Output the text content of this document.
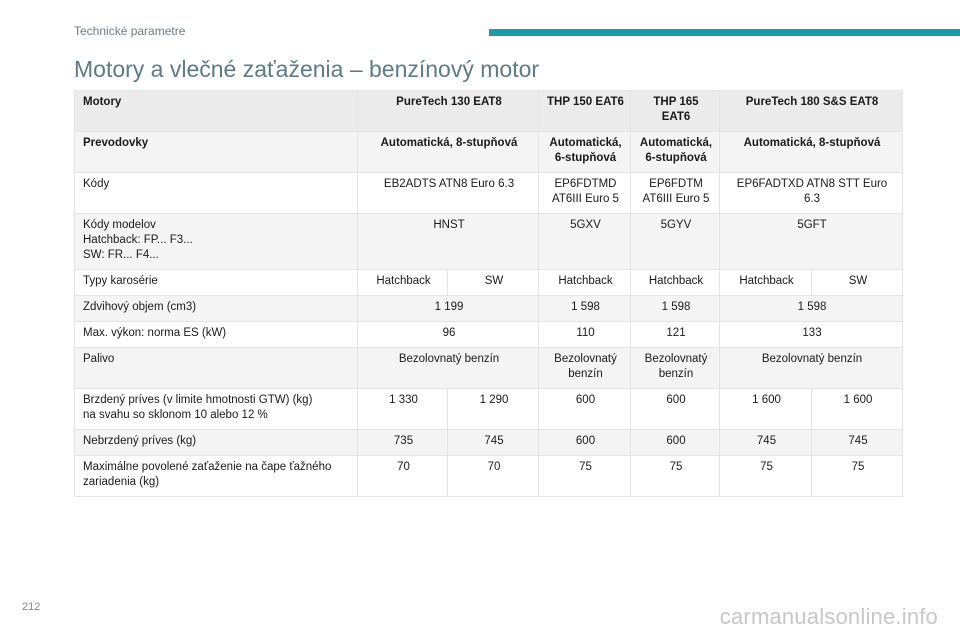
Technické parametre
Motory a vlečné zaťaženia – benzínový motor
Motory	PureTech 130 EAT8		THP 150 EAT6	THP 165 EAT6	PureTech 180 S&S EAT8	
Prevodovky	Automatická, 8-stupňová		Automatická, 6-stupňová	Automatická, 6-stupňová	Automatická, 8-stupňová	
Kódy	EB2ADTS ATN8 Euro 6.3		EP6FDTMD AT6III Euro 5	EP6FDTM AT6III Euro 5	EP6FADTXD ATN8 STT Euro 6.3	
Kódy modelov
Hatchback: FP... F3...
SW: FR... F4...	HNST		5GXV	5GYV	5GFT	
Typy karosérie	Hatchback	SW	Hatchback	Hatchback	Hatchback	SW
Zdvihový objem (cm3)	1 199		1 598	1 598	1 598	
Max. výkon: norma ES (kW)	96		110	121	133	
Palivo	Bezolovnatý benzín		Bezolovnatý benzín	Bezolovnatý benzín	Bezolovnatý benzín	
Brzdený príves (v limite hmotnosti GTW) (kg)
na svahu so sklonom 10 alebo 12 %	1 330	1 290	600	600	1 600	1 600
Nebrzdený príves (kg)	735	745	600	600	745	745
Maximálne povolené zaťaženie na čape ťažného zariadenia (kg)	70	70	75	75	75	75
212	carmanualsonline.info
